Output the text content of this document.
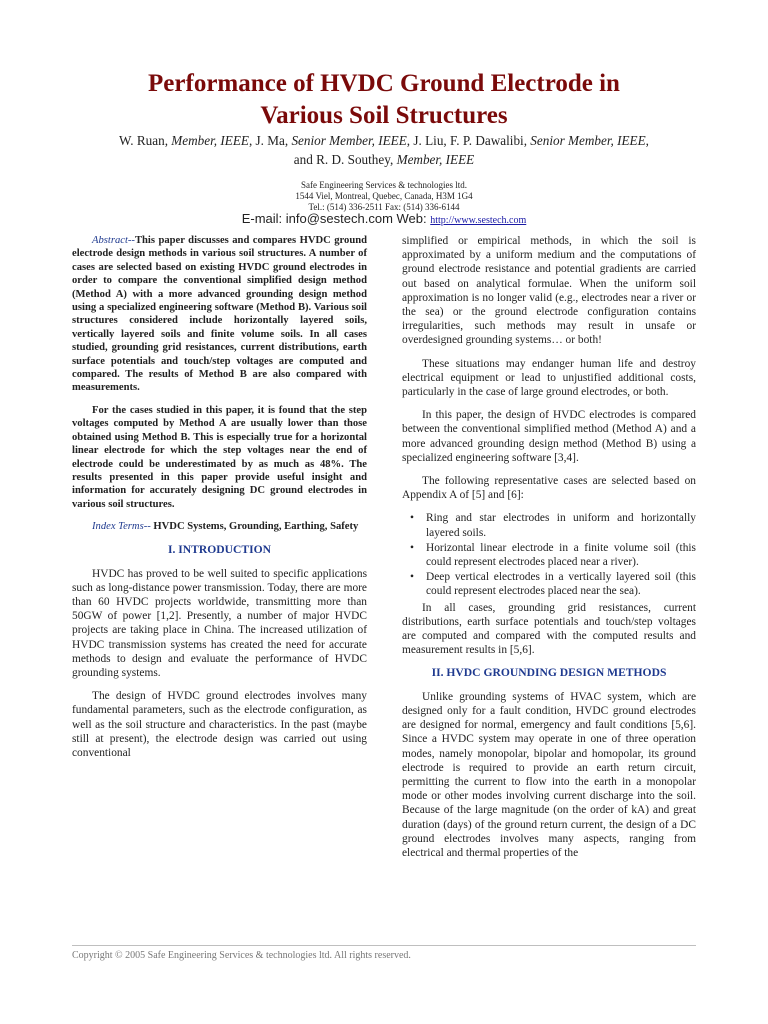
Performance of HVDC Ground Electrode in
Various Soil Structures
W. Ruan, Member, IEEE, J. Ma, Senior Member, IEEE, J. Liu, F. P. Dawalibi, Senior Member, IEEE,
and R. D. Southey, Member, IEEE
Safe Engineering Services & technologies ltd.
1544 Viel, Montreal, Quebec, Canada, H3M 1G4
Tel.: (514) 336-2511 Fax: (514) 336-6144
E-mail: info@sestech.com Web: http://www.sestech.com

Abstract--This paper discusses and compares HVDC ground electrode design methods in various soil structures. A number of cases are selected based on existing HVDC ground electrodes in order to compare the conventional simplified design method (Method A) with a more advanced grounding design method using a specialized engineering software (Method B). Various soil structures considered include horizontally layered soils, vertically layered soils and finite volume soils. In all cases studied, grounding grid resistances, current distributions, earth surface potentials and touch/step voltages are computed and compared. The results of Method B are also compared with measurements.

For the cases studied in this paper, it is found that the step voltages computed by Method A are usually lower than those obtained using Method B. This is especially true for a horizontal linear electrode for which the step voltages near the end of electrode could be underestimated by as much as 48%. The results presented in this paper provide useful insight and information for accurately designing DC ground electrodes in various soil structures.

Index Terms-- HVDC Systems, Grounding, Earthing, Safety

I. INTRODUCTION

HVDC has proved to be well suited to specific applications such as long-distance power transmission. Today, there are more than 60 HVDC projects worldwide, transmitting more than 50GW of power [1,2]. Presently, a number of major HVDC projects are taking place in China. The increased utilization of HVDC transmission systems has created the need for accurate methods to design and evaluate the performance of HVDC grounding systems.

The design of HVDC ground electrodes involves many fundamental parameters, such as the electrode configuration, as well as the soil structure and characteristics. In the past (maybe still at present), the electrode design was carried out using conventional

simplified or empirical methods, in which the soil is approximated by a uniform medium and the computations of ground electrode resistance and potential gradients are carried out based on analytical formulae. When the uniform soil approximation is no longer valid (e.g., electrodes near a river or the sea) or the ground electrode configuration contains irregularities, such methods may result in unsafe or overdesigned grounding systems… or both!

These situations may endanger human life and destroy electrical equipment or lead to unjustified additional costs, particularly in the case of large ground electrodes, or both.

In this paper, the design of HVDC electrodes is compared between the conventional simplified method (Method A) and a more advanced grounding design method (Method B) using a specialized engineering software [3,4].

The following representative cases are selected based on Appendix A of [5] and [6]:

• Ring and star electrodes in uniform and horizontally layered soils.
• Horizontal linear electrode in a finite volume soil (this could represent electrodes placed near a river).
• Deep vertical electrodes in a vertically layered soil (this could represent electrodes placed near the sea).

In all cases, grounding grid resistances, current distributions, earth surface potentials and touch/step voltages are computed and compared with the computed results and measurement results in [5,6].

II. HVDC GROUNDING DESIGN METHODS

Unlike grounding systems of HVAC system, which are designed only for a fault condition, HVDC ground electrodes are designed for normal, emergency and fault conditions [5,6]. Since a HVDC system may operate in one of three operation modes, namely monopolar, bipolar and homopolar, its ground electrode is required to provide an earth return circuit, permitting the current to flow into the earth in a monopolar mode or other modes involving current discharge into the soil. Because of the large magnitude (on the order of kA) and great duration (days) of the ground return current, the design of a DC ground electrodes involves many aspects, ranging from electrical and thermal properties of the

Copyright © 2005 Safe Engineering Services & technologies ltd. All rights reserved.
